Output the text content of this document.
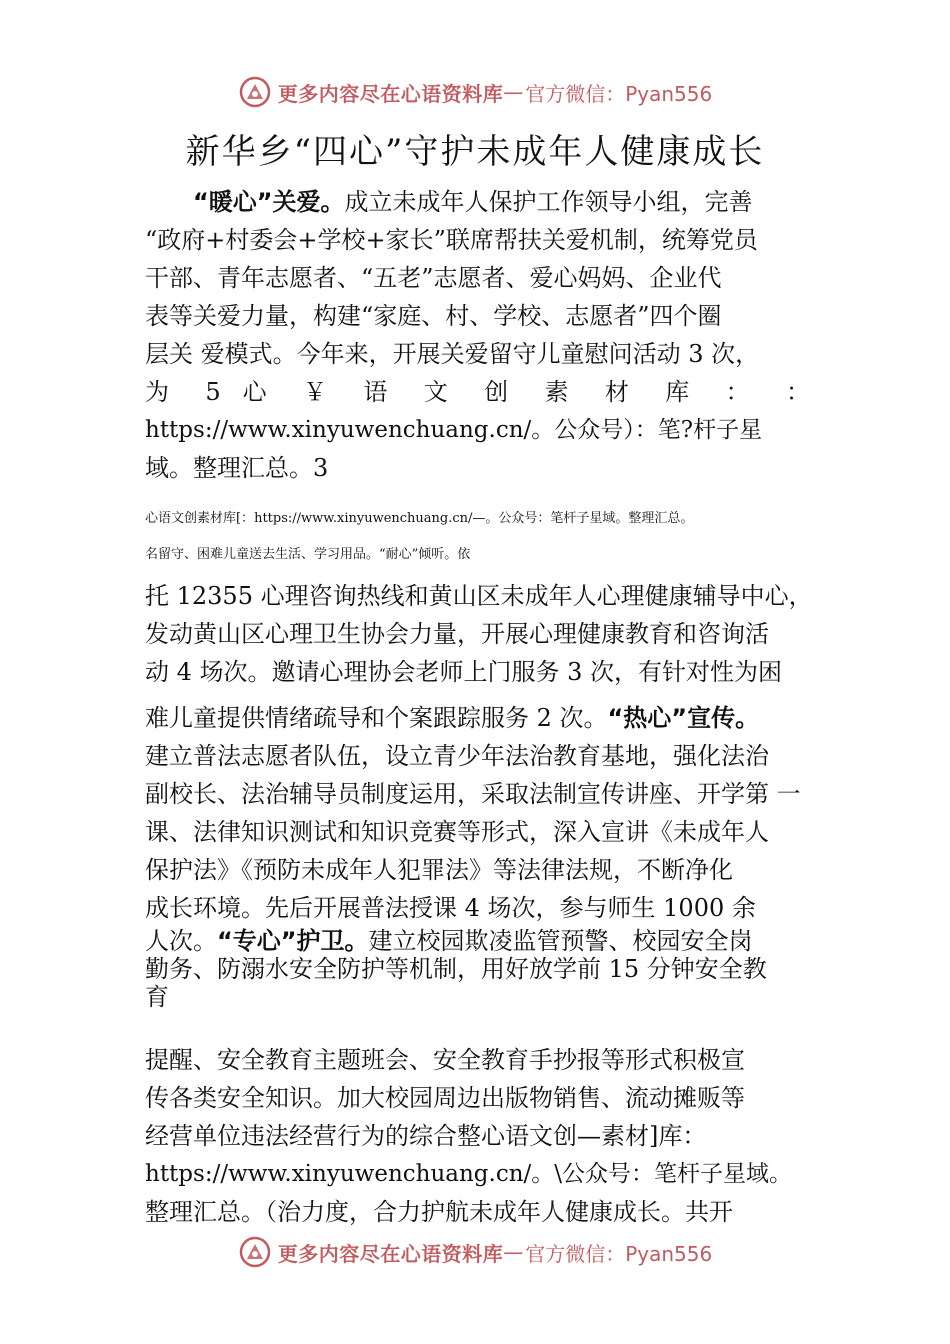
更多内容尽在心语资料库 — 官方微信：Pyan556
新华乡“四心”守护未成年人健康成长
“暖心”关爱。成立未成年人保护工作领导小组，完善
“政府+村委会+学校+家长”联席帮扶关爱机制，统筹党员
干部、青年志愿者、“五老”志愿者、爱心妈妈、企业代
表等关爱力量，构建“家庭、村、学校、志愿者”四个圈
层关 爱模式。今年来，开展关爱留守儿童慰问活动 3 次，
为 5 心 ￥ 语 文 创 素 材 库 ： ：
https://www.xinyuwenchuang.cn/。公众号）：笔?杆子星
域。整理汇总。3
心语文创素材库[：https://www.xinyuwenchuang.cn/—。公众号：笔杆子星域。整理汇总。
名留守、困难儿童送去生活、学习用品。“耐心”倾听。依
托 12355 心理咨询热线和黄山区未成年人心理健康辅导中心，
发动黄山区心理卫生协会力量，开展心理健康教育和咨询活
动 4 场次。邀请心理协会老师上门服务 3 次，有针对性为困
难儿童提供情绪疏导和个案跟踪服务 2 次。“热心”宣传。
建立普法志愿者队伍，设立青少年法治教育基地，强化法治
副校长、法治辅导员制度运用，采取法制宣传讲座、开学第 一
课、法律知识测试和知识竞赛等形式，深入宣讲《未成年人
保护法》《预防未成年人犯罪法》等法律法规，不断净化
成长环境。先后开展普法授课 4 场次，参与师生 1000 余
人次。“专心”护卫。建立校园欺凌监管预警、校园安全岗
勤务、防溺水安全防护等机制，用好放学前 15 分钟安全教
育
提醒、安全教育主题班会、安全教育手抄报等形式积极宣
传各类安全知识。加大校园周边出版物销售、流动摊贩等
经营单位违法经营行为的综合整心语文创—素材]库：
https://www.xinyuwenchuang.cn/。\公众号：笔杆子星域。
整理汇总。（治力度，合力护航未成年人健康成长。共开
更多内容尽在心语资料库 — 官方微信：Pyan556
